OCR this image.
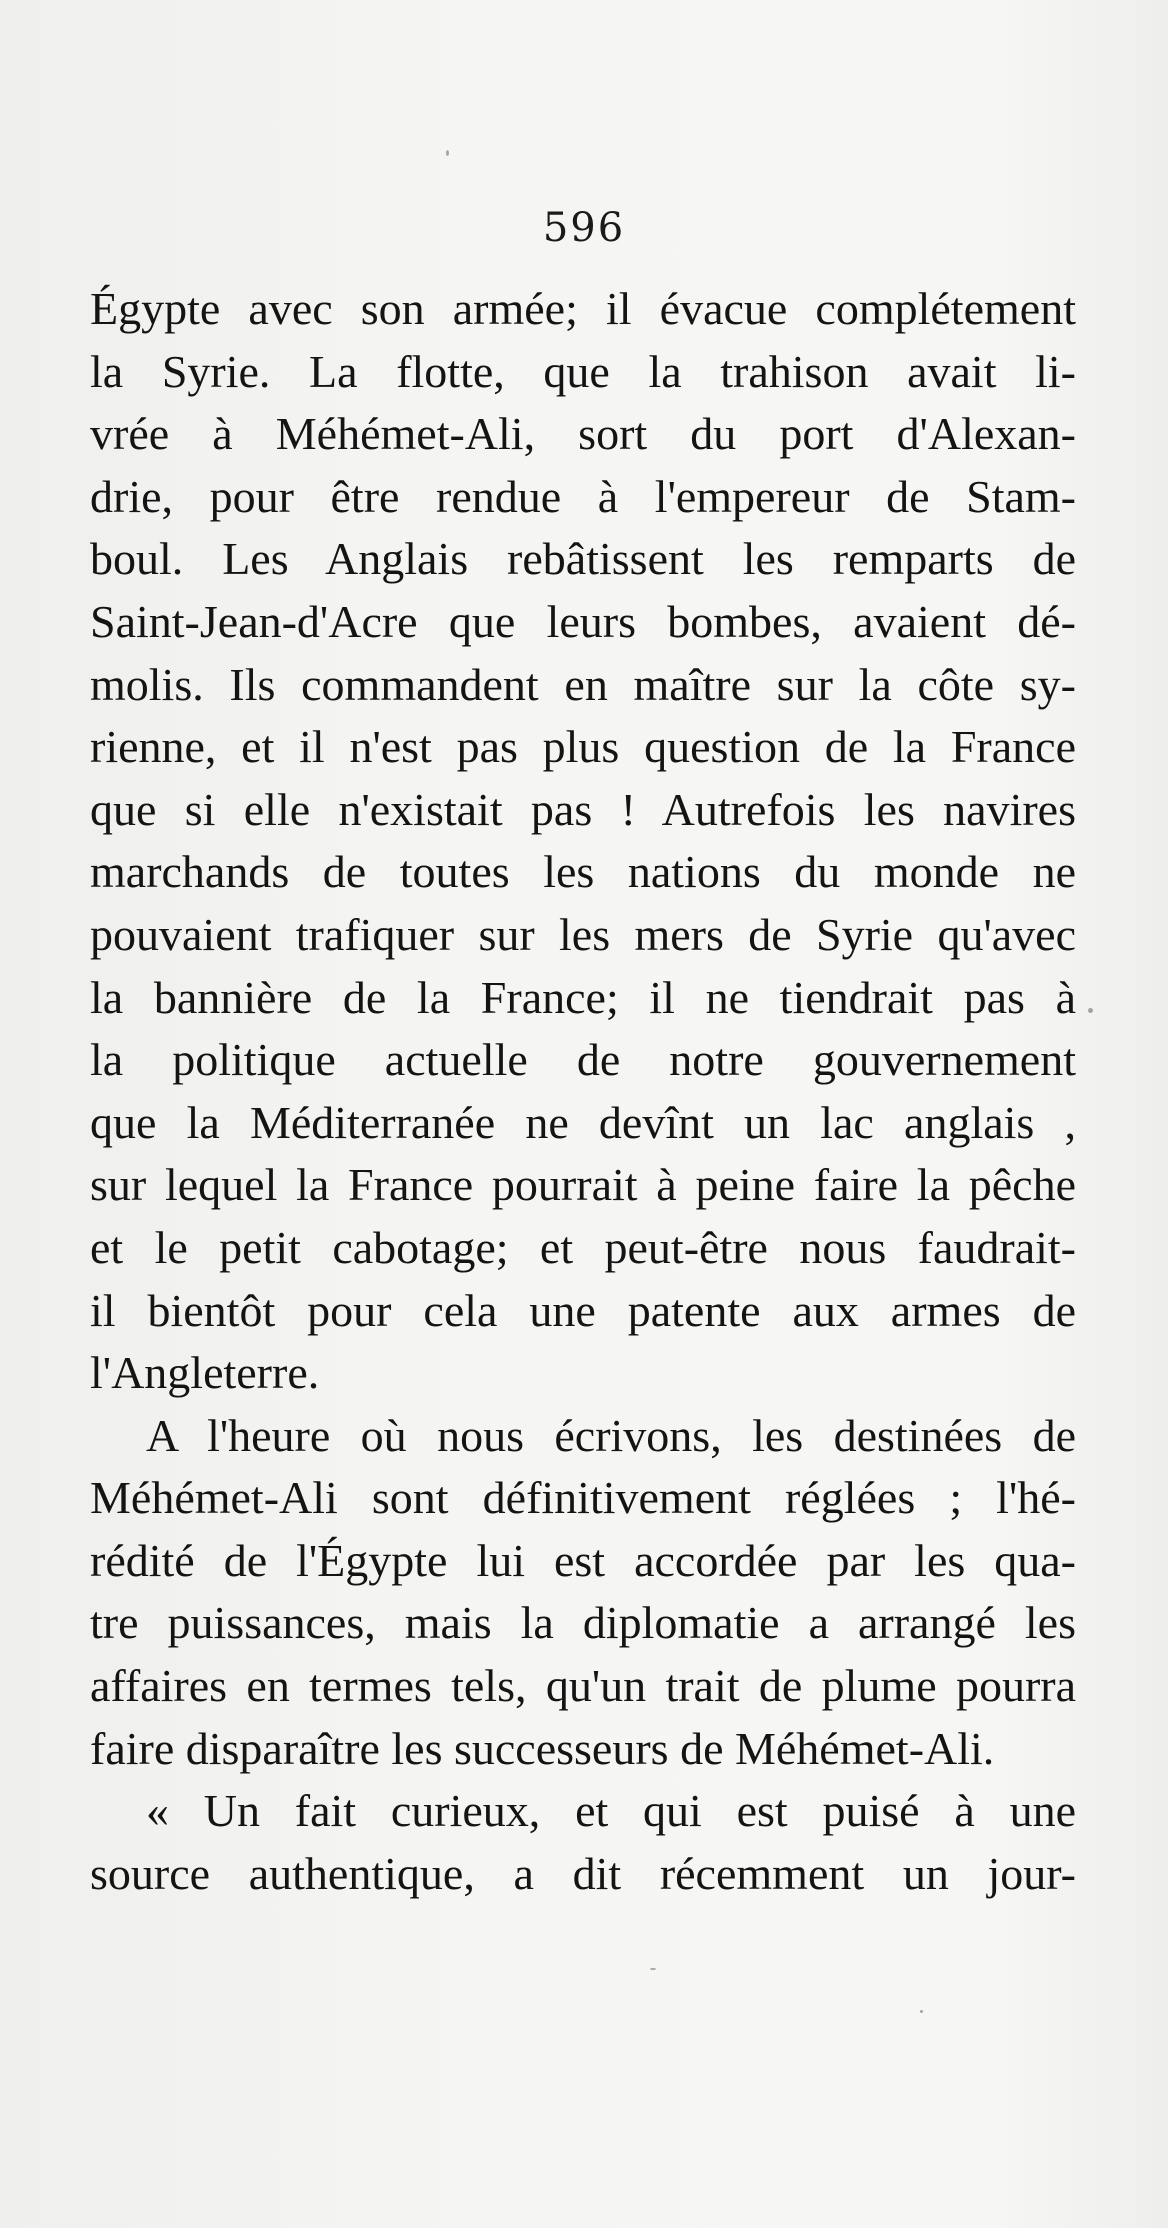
596
Égypte avec son armée; il évacue complétement
la Syrie. La flotte, que la trahison avait li-
vrée à Méhémet-Ali, sort du port d'Alexan-
drie, pour être rendue à l'empereur de Stam-
boul. Les Anglais rebâtissent les remparts de
Saint-Jean-d'Acre que leurs bombes, avaient dé-
molis. Ils commandent en maître sur la côte sy-
rienne, et il n'est pas plus question de la France
que si elle n'existait pas ! Autrefois les navires
marchands de toutes les nations du monde ne
pouvaient trafiquer sur les mers de Syrie qu'avec
la bannière de la France; il ne tiendrait pas à
la politique actuelle de notre gouvernement
que la Méditerranée ne devînt un lac anglais ,
sur lequel la France pourrait à peine faire la pêche
et le petit cabotage; et peut-être nous faudrait-
il bientôt pour cela une patente aux armes de
l'Angleterre.
A l'heure où nous écrivons, les destinées de
Méhémet-Ali sont définitivement réglées ; l'hé-
rédité de l'Égypte lui est accordée par les qua-
tre puissances, mais la diplomatie a arrangé les
affaires en termes tels, qu'un trait de plume pourra
faire disparaître les successeurs de Méhémet-Ali.
« Un fait curieux, et qui est puisé à une
source authentique, a dit récemment un jour-
